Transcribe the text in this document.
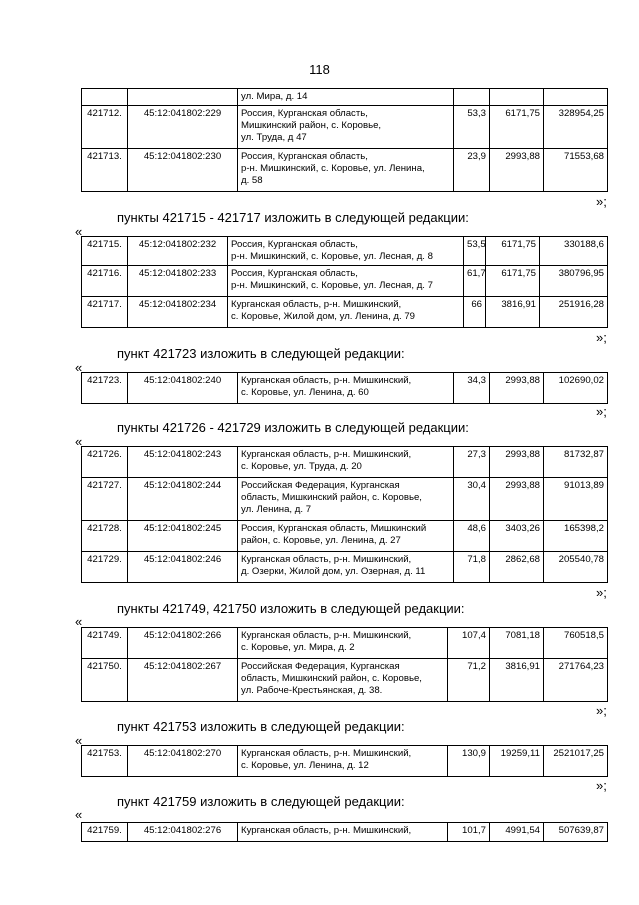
118

		ул. Мира, д. 14			

421712.	45:12:041802:229	Россия, Курганская область,
Мишкинский район, с. Коровье,
ул. Труда, д 47	53,3	6171,75	328954,25
421713.	45:12:041802:230	Россия, Курганская область,
р-н. Мишкинский, с. Коровье, ул. Ленина,
д. 58	23,9	2993,88	71553,68
»;
пункты 421715 - 421717 изложить в следующей редакции:
«
421715.	45:12:041802:232	Россия, Курганская область,
р-н. Мишкинский, с. Коровье, ул. Лесная, д. 8	53,5	6171,75	330188,6
421716.	45:12:041802:233	Россия, Курганская область,
р-н. Мишкинский, с. Коровье, ул. Лесная, д. 7	61,7	6171,75	380796,95
421717.	45:12:041802:234	Курганская область, р-н. Мишкинский,
с. Коровье, Жилой дом, ул. Ленина, д. 79	66	3816,91	251916,28
»;
пункт 421723 изложить в следующей редакции:
«
421723.	45:12:041802:240	Курганская область, р-н. Мишкинский,
с. Коровье, ул. Ленина, д. 60
	34,3	2993,88	102690,02
»;
пункты 421726 - 421729 изложить в следующей редакции:
«
421726.	45:12:041802:243	Курганская область, р-н. Мишкинский,
с. Коровье, ул. Труда, д. 20	27,3	2993,88	81732,87
421727.	45:12:041802:244	Российская Федерация, Курганская
область, Мишкинский район, с. Коровье,
ул. Ленина, д. 7	30,4	2993,88	91013,89
421728.	45:12:041802:245	Россия, Курганская область, Мишкинский
район, с. Коровье, ул. Ленина, д. 27	48,6	3403,26	165398,2
421729.	45:12:041802:246	Курганская область, р-н. Мишкинский,
д. Озерки, Жилой дом, ул. Озерная, д. 11	71,8	2862,68	205540,78
»;
пункты 421749, 421750 изложить в следующей редакции:
«
421749.	45:12:041802:266	Курганская область, р-н. Мишкинский,
с. Коровье, ул. Мира, д. 2	107,4	7081,18	760518,5
421750.	45:12:041802:267	Российская Федерация, Курганская
область, Мишкинский район, с. Коровье,
ул. Рабоче-Крестьянская, д. 38.	71,2	3816,91	271764,23
»;
пункт 421753 изложить в следующей редакции:
«
421753.	45:12:041802:270	Курганская область, р-н. Мишкинский,
с. Коровье, ул. Ленина, д. 12
	130,9	19259,11	2521017,25
»;
пункт 421759 изложить в следующей редакции:
«
421759.	45:12:041802:276	Курганская область, р-н. Мишкинский,	101,7	4991,54	507639,87
